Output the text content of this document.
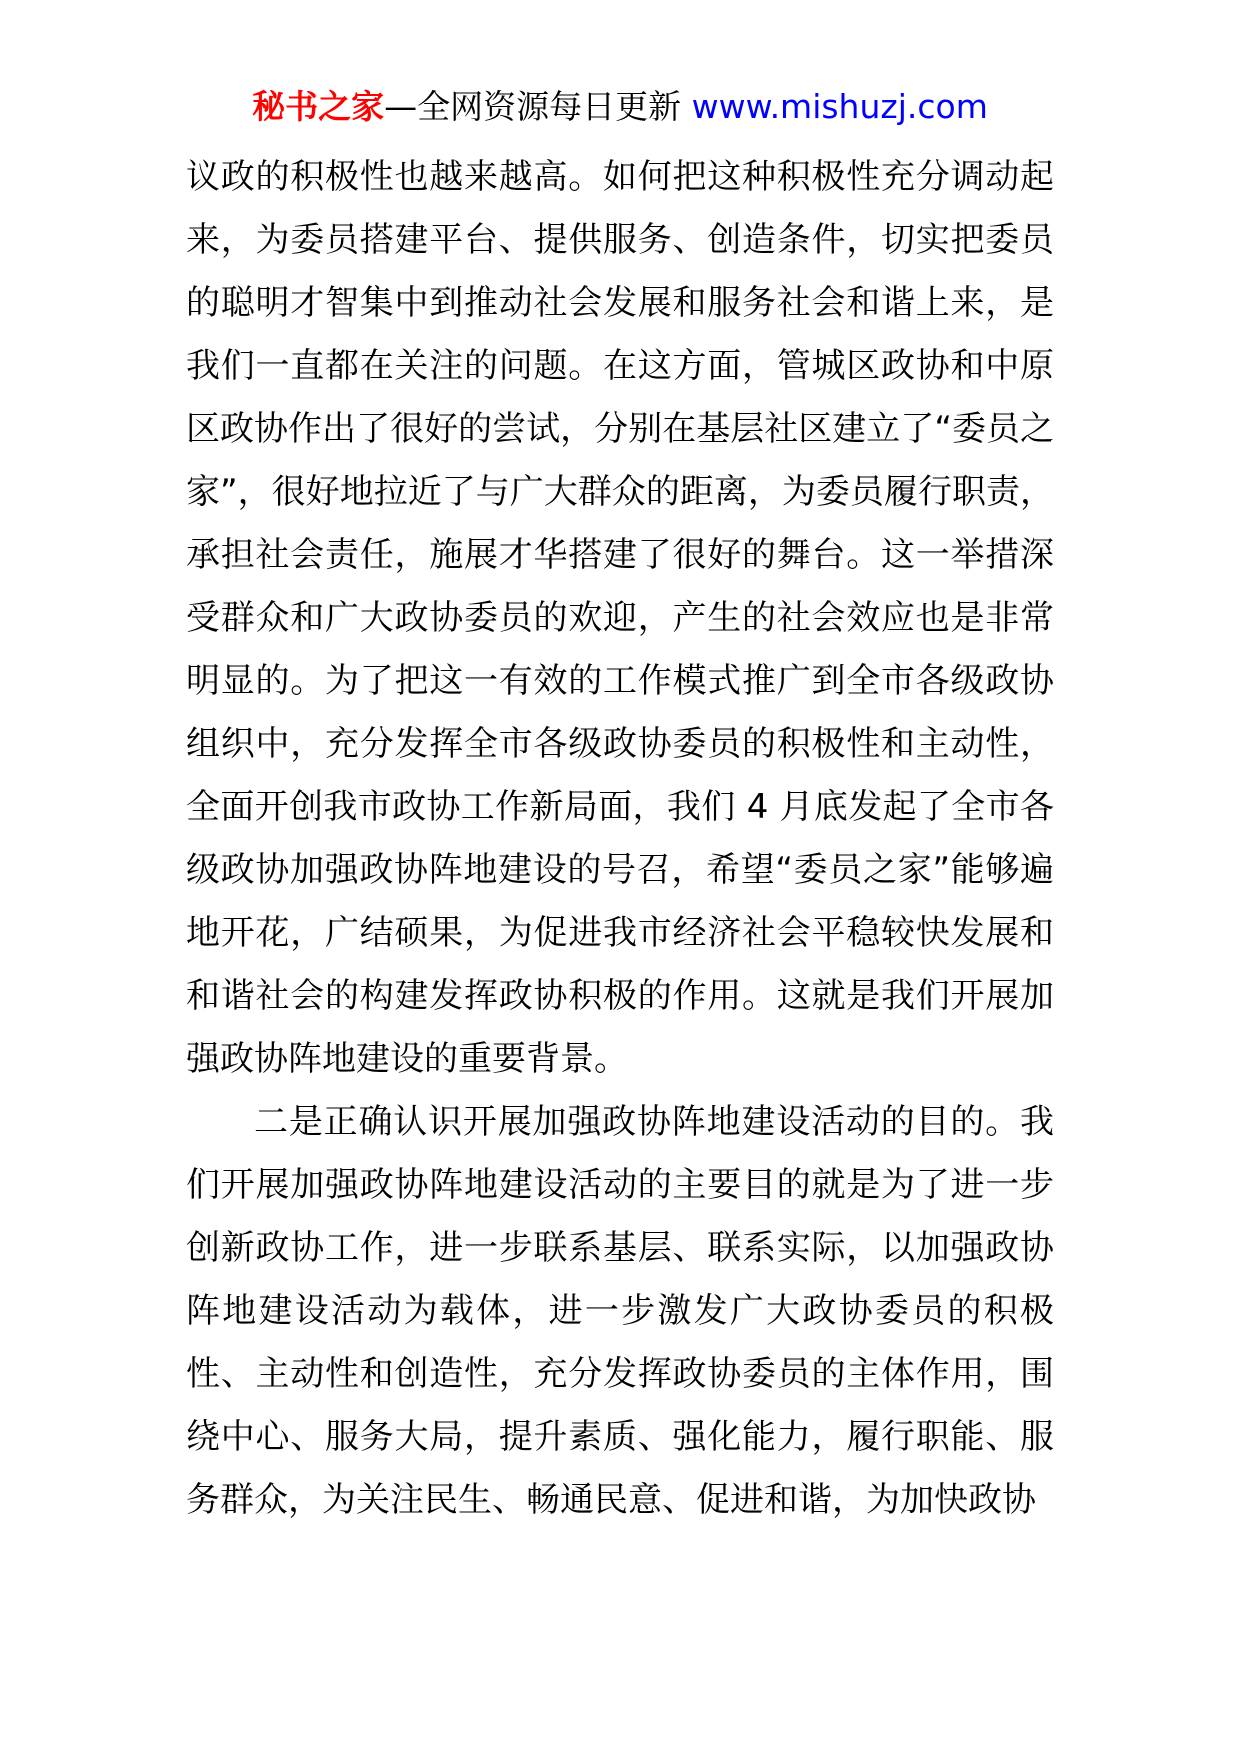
秘书之家—全网资源每日更新 www.mishuzj.com

议政的积极性也越来越高。如何把这种积极性充分调动起来，为委员搭建平台、提供服务、创造条件，切实把委员的聪明才智集中到推动社会发展和服务社会和谐上来，是我们一直都在关注的问题。在这方面，管城区政协和中原区政协作出了很好的尝试，分别在基层社区建立了“委员之家”，很好地拉近了与广大群众的距离，为委员履行职责，承担社会责任，施展才华搭建了很好的舞台。这一举措深受群众和广大政协委员的欢迎，产生的社会效应也是非常明显的。为了把这一有效的工作模式推广到全市各级政协组织中，充分发挥全市各级政协委员的积极性和主动性，全面开创我市政协工作新局面，我们 4 月底发起了全市各级政协加强政协阵地建设的号召，希望“委员之家”能够遍地开花，广结硕果，为促进我市经济社会平稳较快发展和和谐社会的构建发挥政协积极的作用。这就是我们开展加强政协阵地建设的重要背景。

二是正确认识开展加强政协阵地建设活动的目的。我们开展加强政协阵地建设活动的主要目的就是为了进一步创新政协工作，进一步联系基层、联系实际，以加强政协阵地建设活动为载体，进一步激发广大政协委员的积极性、主动性和创造性，充分发挥政协委员的主体作用，围绕中心、服务大局，提升素质、强化能力，履行职能、服务群众，为关注民生、畅通民意、促进和谐，为加快政协
